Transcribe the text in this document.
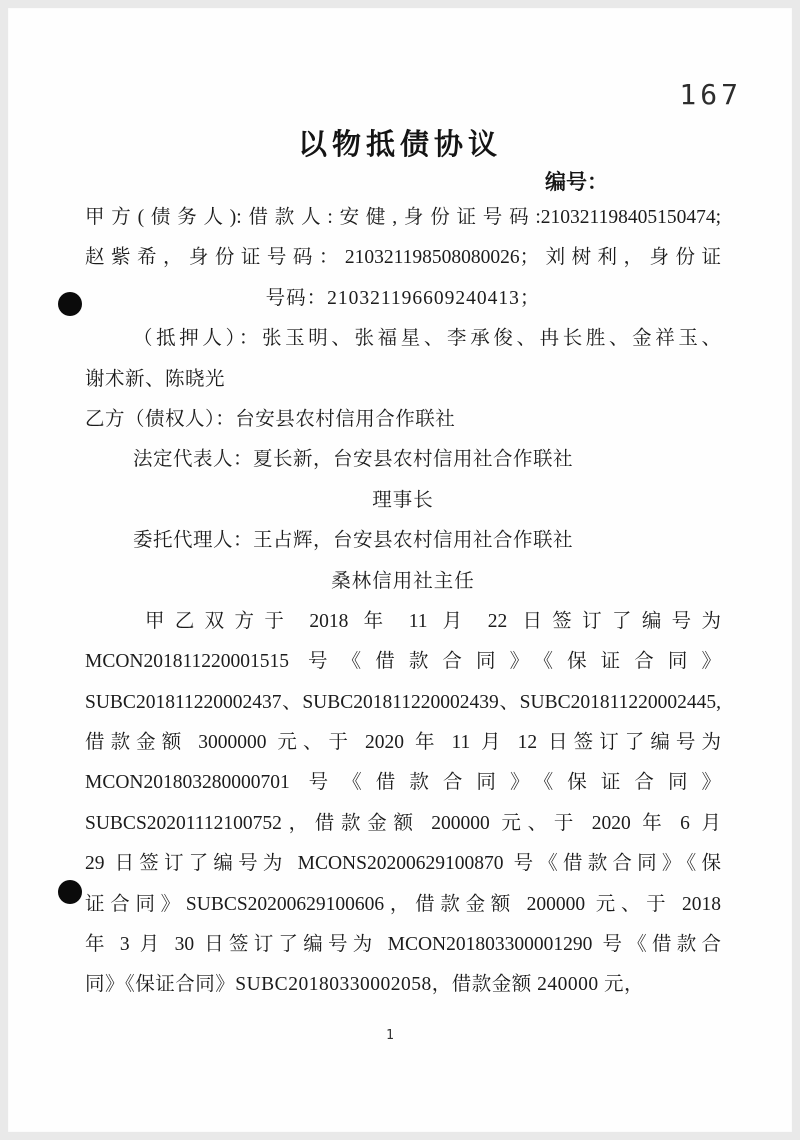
167
以物抵债协议
编号：
甲方(债务人):借款人:安健,身份证号码:210321198405150474;
赵紫希，身份证号码：210321198508080026；刘树利，身份证
号码：210321196609240413；
（抵押人）：张玉明、张福星、李承俊、冉长胜、金祥玉、
谢术新、陈晓光
乙方（债权人）：台安县农村信用合作联社
法定代表人：夏长新，台安县农村信用社合作联社
理事长
委托代理人：王占辉，台安县农村信用社合作联社
桑林信用社主任
甲乙双方于 2018 年 11 月 22 日签订了编号为
MCON201811220001515 号《借款合同》《保证合同》
SUBC201811220002437、SUBC201811220002439、SUBC201811220002445,
借款金额 3000000 元、于 2020 年 11 月 12 日签订了编号为
MCON201803280000701 号《借款合同》《保证合同》
SUBCS20201112100752，借款金额 200000 元、于 2020 年 6 月
29 日签订了编号为 MCONS20200629100870 号《借款合同》《保
证合同》SUBCS20200629100606，借款金额 200000 元、于 2018
年 3 月 30 日签订了编号为 MCON201803300001290 号《借款合
同》《保证合同》SUBC20180330002058，借款金额 240000 元，
1
